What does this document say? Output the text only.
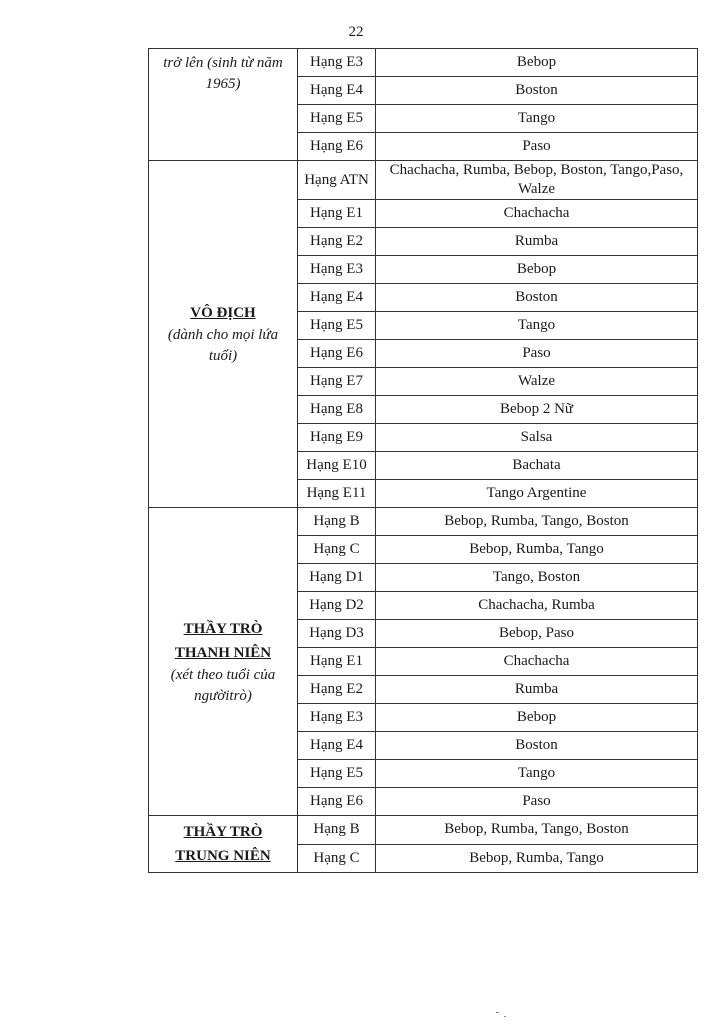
22
trở lên (sinh từ năm 1965)	Hạng E3	Bebop
	Hạng E4	Boston
	Hạng E5	Tango
	Hạng E6	Paso

VÔ ĐỊCH
(dành cho mọi lứa tuổi)	Hạng ATN	Chachacha, Rumba, Bebop, Boston, Tango,Paso, Walze
	Hạng E1	Chachacha
	Hạng E2	Rumba
	Hạng E3	Bebop
	Hạng E4	Boston
	Hạng E5	Tango
	Hạng E6	Paso
	Hạng E7	Walze
	Hạng E8	Bebop 2 Nữ
	Hạng E9	Salsa
	Hạng E10	Bachata
	Hạng E11	Tango Argentine

THẦY TRÒ THANH NIÊN
(xét theo tuổi của ngườitrò)	Hạng B	Bebop, Rumba, Tango, Boston
	Hạng C	Bebop, Rumba, Tango
	Hạng D1	Tango, Boston
	Hạng D2	Chachacha, Rumba
	Hạng D3	Bebop, Paso
	Hạng E1	Chachacha
	Hạng E2	Rumba
	Hạng E3	Bebop
	Hạng E4	Boston
	Hạng E5	Tango
	Hạng E6	Paso

THẦY TRÒ TRUNG NIÊN	Hạng B	Bebop, Rumba, Tango, Boston
	Hạng C	Bebop, Rumba, Tango
